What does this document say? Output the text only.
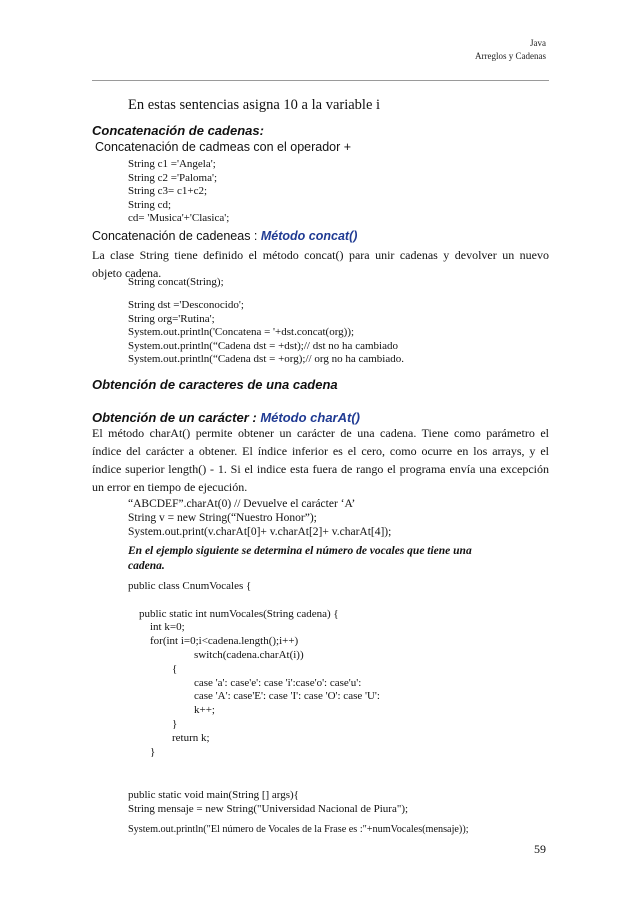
Java
Arreglos y Cadenas
En estas sentencias asigna 10 a la variable i
Concatenación de cadenas:
Concatenación de cadmeas con el operador +
String c1 ='Angela';
String c2 ='Paloma';
String c3= c1+c2;
String cd;
cd= 'Musica'+'Clasica';
Concatenación de cadeneas : Método concat()
La clase String tiene definido el método concat() para unir cadenas y devolver un nuevo
objeto cadena.
String concat(String);
String dst ='Desconocido';
String org='Rutina';
System.out.println('Concatena = '+dst.concat(org));
System.out.println(“Cadena dst = +dst);// dst no ha cambiado
System.out.println(“Cadena dst = +org);// org no ha cambiado.
Obtención de caracteres de una cadena
Obtención de un carácter : Método charAt()
El método charAt() permite obtener un carácter de una cadena. Tiene como parámetro el
índice del carácter a obtener. El índice inferior es el cero, como ocurre en los arrays, y el
índice superior length() - 1. Si el indice esta fuera de rango el programa envía una excepción
un error en tiempo de ejecución.
“ABCDEF”.charAt(0) // Devuelve el carácter ‘A’
String v = new String(“Nuestro Honor”);
System.out.print(v.charAt[0]+ v.charAt[2]+ v.charAt[4]);
En el ejemplo siguiente se determina el número de vocales que tiene una
cadena.
public class CnumVocales {
public static int numVocales(String cadena) {
int k=0;
for(int i=0;i<cadena.length();i++)
switch(cadena.charAt(i))
{
case 'a': case'e': case 'i':case'o': case'u':
case 'A': case'E': case 'I': case 'O': case 'U':
k++;
}
return k;
}
public static void main(String [] args){
String mensaje = new String("Universidad Nacional de Piura");
System.out.println("El número de Vocales de la Frase es :"+numVocales(mensaje));
59
